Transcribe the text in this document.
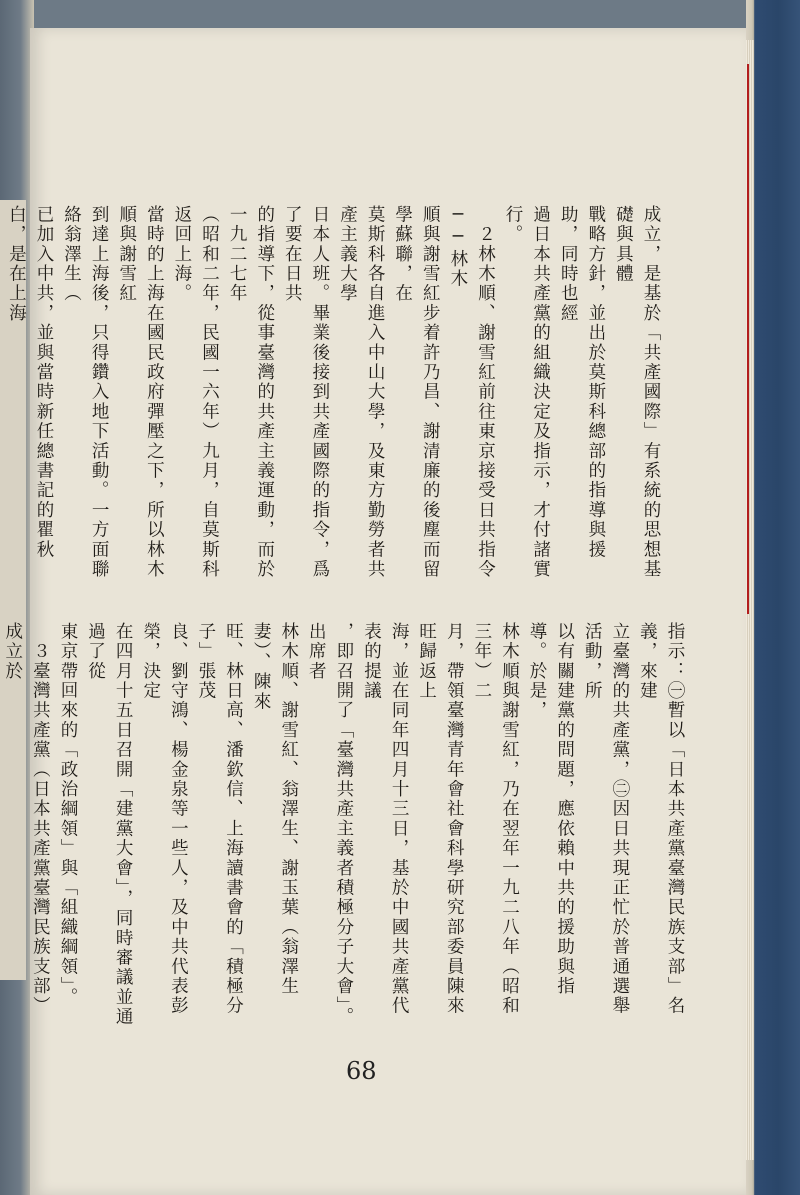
成立，是基於「共產國際」有系統的思想基礎與具體
戰略方針，並出於莫斯科總部的指導與援助，同時也經
過日本共產黨的組織決定及指示，才付諸實行。
　２林木順、謝雪紅前往東京接受日共指令──林木
順與謝雪紅步着許乃昌、謝清廉的後塵而留學蘇聯，在
莫斯科各自進入中山大學，及東方勤勞者共產主義大學
日本人班。畢業後接到共產國際的指令，爲了要在日共
的指導下，從事臺灣的共產主義運動，而於一九二七年
（昭和二年，民國一六年）九月，自莫斯科返回上海。
當時的上海在國民政府彈壓之下，所以林木順與謝雪紅
到達上海後，只得鑽入地下活動。一方面聯絡翁澤生（
已加入中共，並與當時新任總書記的瞿秋白，是在上海

指示：㊀暫以「日本共產黨臺灣民族支部」名義，來建
立臺灣的共產黨，㊁因日共現正忙於普通選舉活動，所
以有關建黨的問題，應依賴中共的援助與指導。於是，
林木順與謝雪紅，乃在翌年一九二八年（昭和三年）二
月，帶領臺灣青年會社會科學研究部委員陳來旺歸返上
海，並在同年四月十三日，基於中國共產黨代表的提議
，即召開了「臺灣共產主義者積極分子大會」。出席者
林木順、謝雪紅、翁澤生、謝玉葉（翁澤生妻）、陳來
旺、林日高、潘欽信、上海讀書會的「積極分子」張茂
良、劉守鴻、楊金泉等一些人，及中共代表彭榮，決定
在四月十五日召開「建黨大會」，同時審議並通過了從
東京帶回來的「政治綱領」與「組織綱領」。
　３臺灣共產黨（日本共產黨臺灣民族支部）成立於

68
